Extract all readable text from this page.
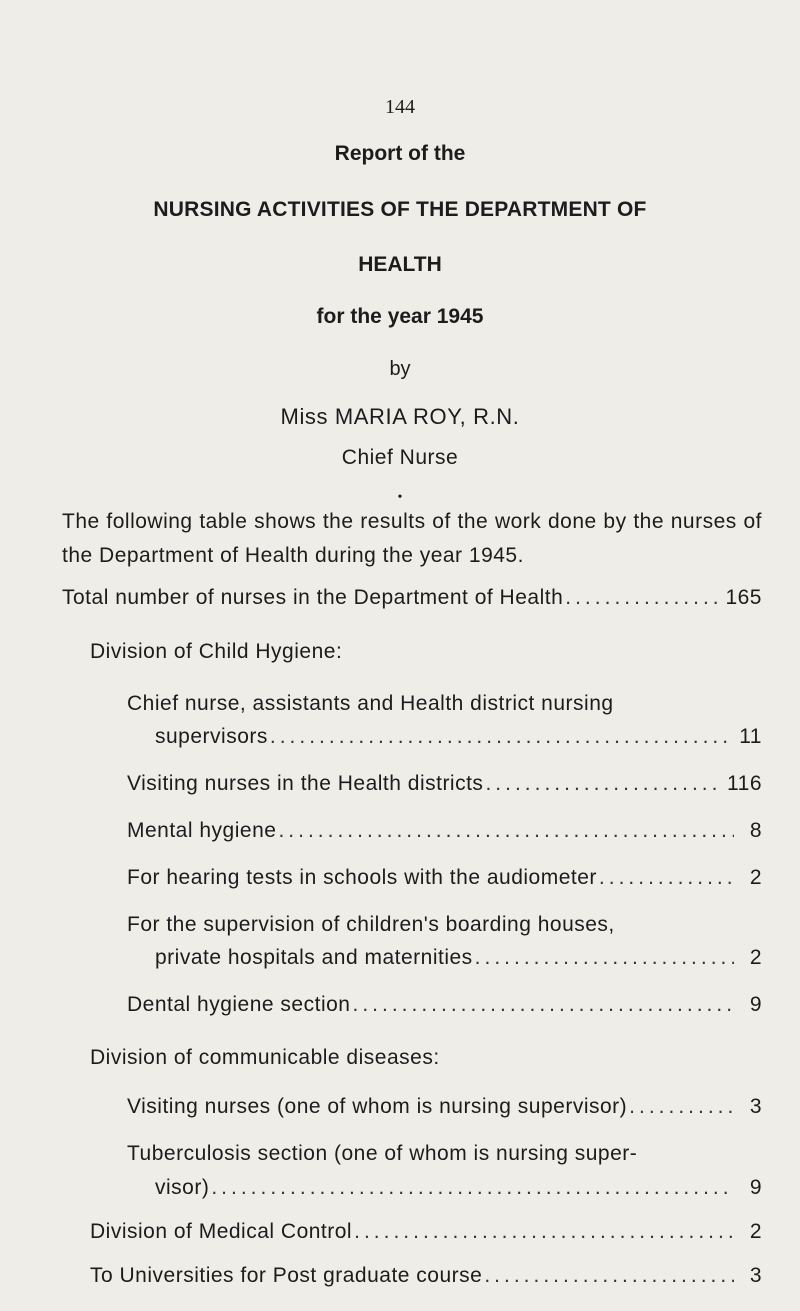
144
Report of the
NURSING ACTIVITIES OF THE DEPARTMENT OF
HEALTH
for the year 1945
by
Miss MARIA ROY, R.N.
Chief Nurse
•
The following table shows the results of the work done by the nurses of the Department of Health during the year 1945.
Total number of nurses in the Department of Health .....	165
Division of Child Hygiene:
Chief nurse, assistants and Health district nursing
supervisors .....	11
Visiting nurses in the Health districts .....	116
Mental hygiene .....	8
For hearing tests in schools with the audiometer .....	2
For the supervision of children's boarding houses,
private hospitals and maternities .....	2
Dental hygiene section .....	9
Division of communicable diseases:
Visiting nurses (one of whom is nursing supervisor) .....	3
Tuberculosis section (one of whom is nursing super-
visor) .....	9
Division of Medical Control .....	2
To Universities for Post graduate course .....	3
